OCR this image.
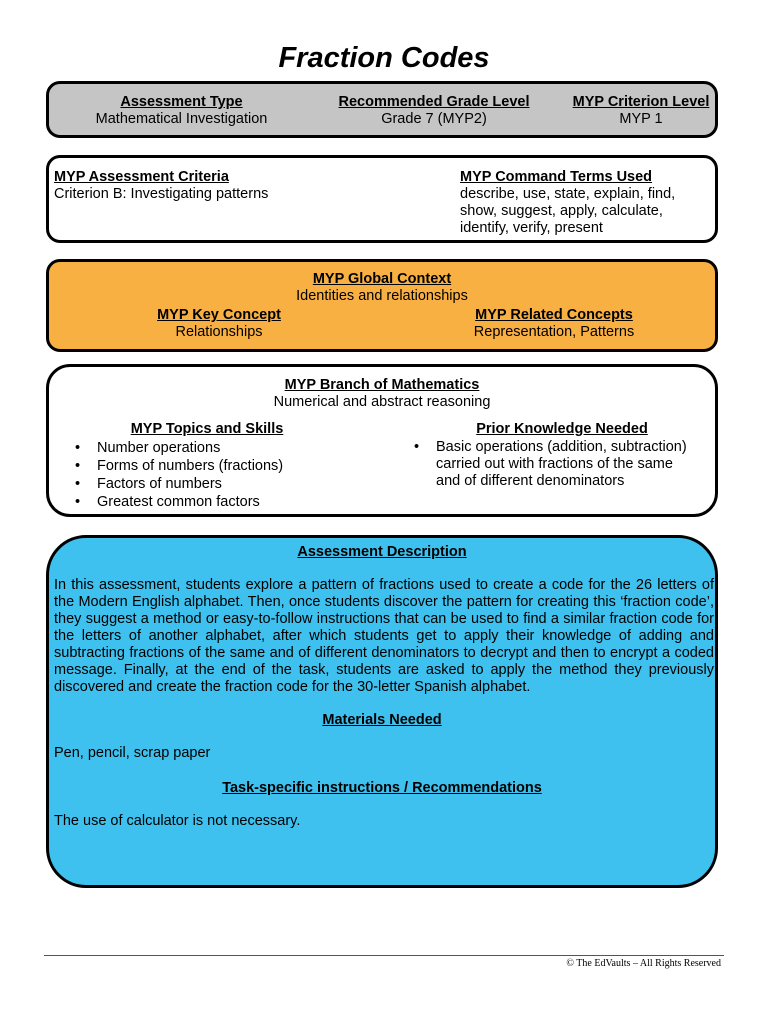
Fraction Codes
Assessment Type
Mathematical Investigation
Recommended Grade Level
Grade 7 (MYP2)
MYP Criterion Level
MYP 1
MYP Assessment Criteria
Criterion B: Investigating patterns
MYP Command Terms Used
describe, use, state, explain, find,
show, suggest, apply, calculate,
identify, verify, present
MYP Global Context
Identities and relationships
MYP Key Concept
Relationships
MYP Related Concepts
Representation, Patterns
MYP Branch of Mathematics
Numerical and abstract reasoning
MYP Topics and Skills
• Number operations
• Forms of numbers (fractions)
• Factors of numbers
• Greatest common factors
Prior Knowledge Needed
• Basic operations (addition, subtraction)
carried out with fractions of the same
and of different denominators
Assessment Description
In this assessment, students explore a pattern of fractions used to create a code for the 26 letters of the Modern English alphabet. Then, once students discover the pattern for creating this ‘fraction code’, they suggest a method or easy-to-follow instructions that can be used to find a similar fraction code for the letters of another alphabet, after which students get to apply their knowledge of adding and subtracting fractions of the same and of different denominators to decrypt and then to encrypt a coded message. Finally, at the end of the task, students are asked to apply the method they previously discovered and create the fraction code for the 30-letter Spanish alphabet.
Materials Needed
Pen, pencil, scrap paper
Task-specific instructions / Recommendations
The use of calculator is not necessary.
© The EdVaults – All Rights Reserved
